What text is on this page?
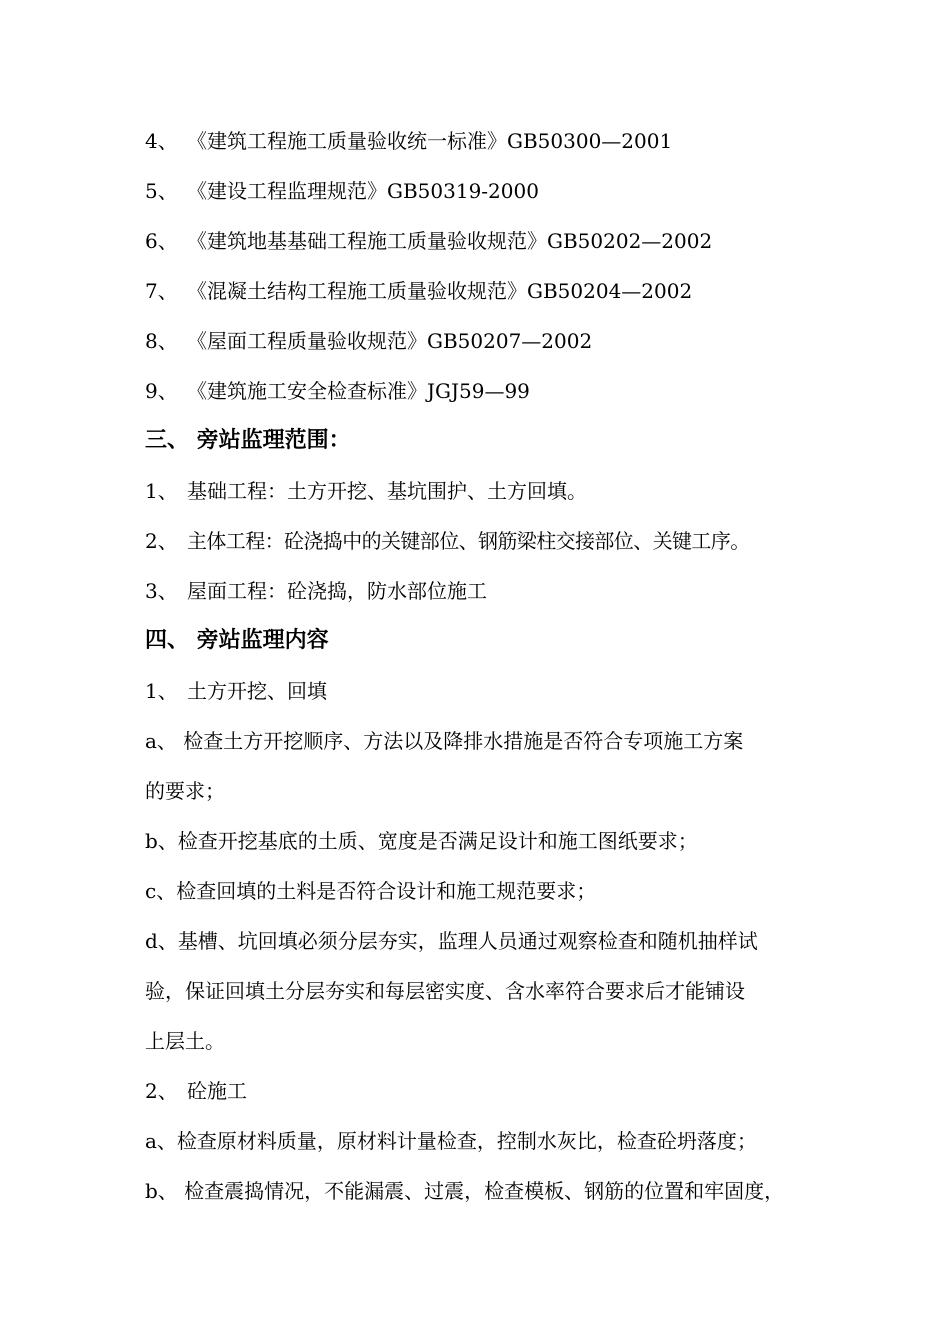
4、 《建筑工程施工质量验收统一标准》GB50300—2001
5、 《建设工程监理规范》GB50319-2000
6、 《建筑地基基础工程施工质量验收规范》GB50202—2002
7、 《混凝土结构工程施工质量验收规范》GB50204—2002
8、 《屋面工程质量验收规范》GB50207—2002
9、 《建筑施工安全检查标准》JGJ59—99
三、 旁站监理范围：
1、 基础工程：土方开挖、基坑围护、土方回填。
2、 主体工程：砼浇捣中的关键部位、钢筋梁柱交接部位、关键工序。
3、 屋面工程：砼浇捣，防水部位施工
四、 旁站监理内容
1、 土方开挖、回填
a、 检查土方开挖顺序、方法以及降排水措施是否符合专项施工方案
的要求；
b、检查开挖基底的土质、宽度是否满足设计和施工图纸要求；
c、检查回填的土料是否符合设计和施工规范要求；
d、基槽、坑回填必须分层夯实，监理人员通过观察检查和随机抽样试
验，保证回填土分层夯实和每层密实度、含水率符合要求后才能铺设
上层土。
2、 砼施工
a、检查原材料质量，原材料计量检查，控制水灰比，检查砼坍落度；
b、 检查震捣情况，不能漏震、过震，检查模板、钢筋的位置和牢固度，
